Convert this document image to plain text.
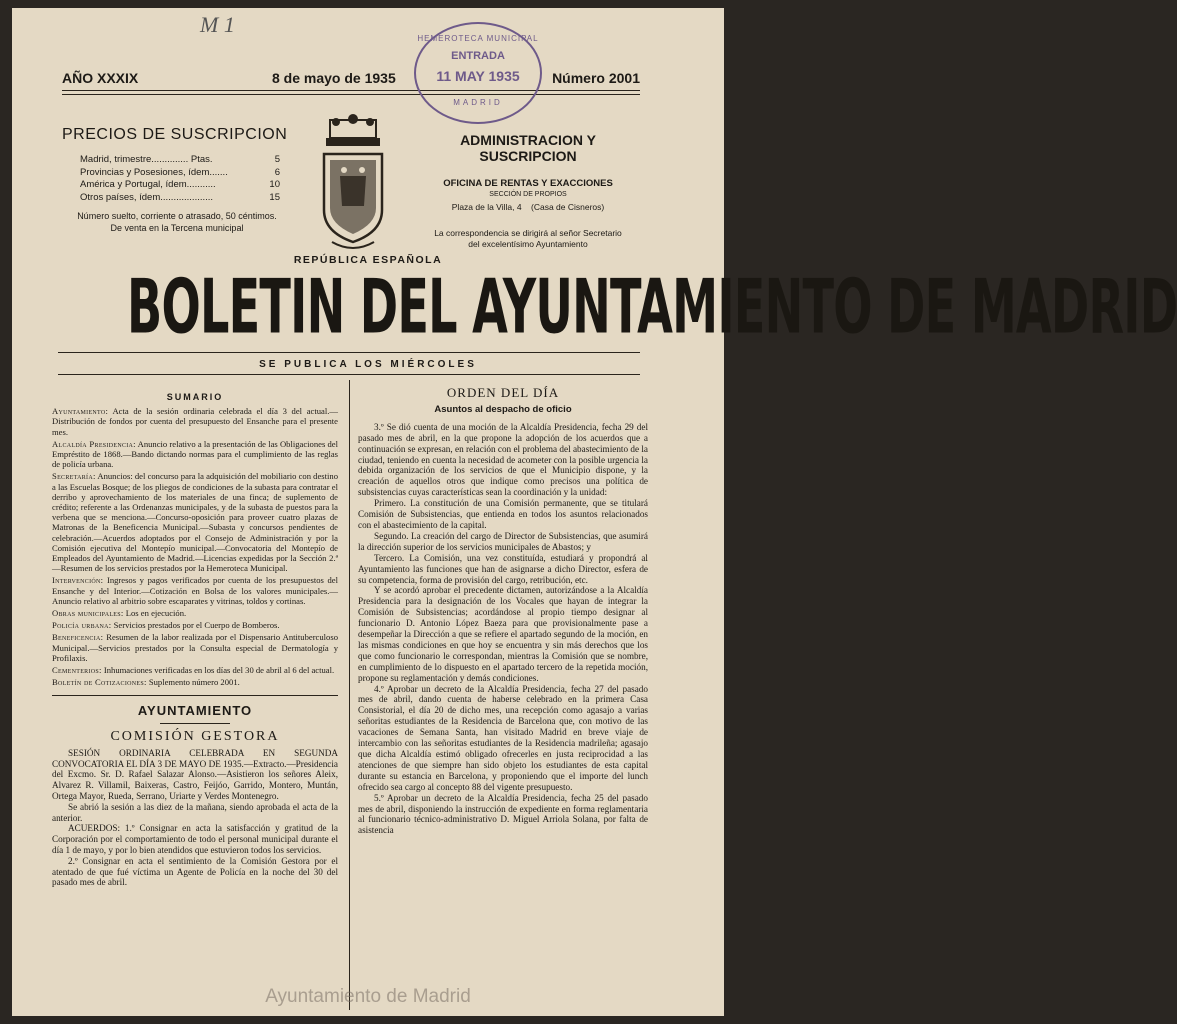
M 1
AÑO XXXIX	8 de mayo de 1935	Número 2001
HEMEROTECA MUNICIPAL
ENTRADA
11 MAY 1935
MADRID
PRECIOS DE SUSCRIPCION
Madrid, trimestre.............. Ptas.	5
Provincias y Posesiones, ídem.......	6
América y Portugal, ídem...........	10
Otros países, ídem....................	15
Número suelto, corriente o atrasado, 50 céntimos.
De venta en la Tercena municipal
ADMINISTRACION Y SUSCRIPCION
OFICINA DE RENTAS Y EXACCIONES
SECCIÓN DE PROPIOS
Plaza de la Villa, 4 (Casa de Cisneros)
La correspondencia se dirigirá al señor Secretario
del excelentísimo Ayuntamiento
REPÚBLICA ESPAÑOLA
BOLETIN DEL AYUNTAMIENTO DE MADRID
SE PUBLICA LOS MIÉRCOLES
SUMARIO

Ayuntamiento: Acta de la sesión ordinaria celebrada el día 3 del actual.—Distribución de fondos por cuenta del presupuesto del Ensanche para el presente mes.

Alcaldía Presidencia: Anuncio relativo a la presentación de las Obligaciones del Empréstito de 1868.—Bando dictando normas para el cumplimiento de las reglas de policía urbana.

Secretaría: Anuncios: del concurso para la adquisición del mobiliario con destino a las Escuelas Bosque; de los pliegos de condiciones de la subasta para contratar el derribo y aprovechamiento de los materiales de una finca; de suplemento de crédito; referente a las Ordenanzas municipales, y de la subasta de puestos para la verbena que se menciona.—Concurso-oposición para proveer cuatro plazas de Matronas de la Beneficencia Municipal.—Subasta y concursos pendientes de celebración.—Acuerdos adoptados por el Consejo de Administración y por la Comisión ejecutiva del Montepío municipal.—Convocatoria del Montepío de Empleados del Ayuntamiento de Madrid.—Licencias expedidas por la Sección 2.ª—Resumen de los servicios prestados por la Hemeroteca Municipal.

Intervención: Ingresos y pagos verificados por cuenta de los presupuestos del Ensanche y del Interior.—Cotización en Bolsa de los valores municipales.—Anuncio relativo al arbitrio sobre escaparates y vitrinas, toldos y cortinas.

Obras municipales: Los en ejecución.

Policía urbana: Servicios prestados por el Cuerpo de Bomberos.

Beneficencia: Resumen de la labor realizada por el Dispensario Antituberculoso Municipal.—Servicios prestados por la Consulta especial de Dermatología y Profilaxis.

Cementerios: Inhumaciones verificadas en los días del 30 de abril al 6 del actual.

Boletín de Cotizaciones: Suplemento número 2001.

AYUNTAMIENTO
COMISIÓN GESTORA

SESIÓN ORDINARIA CELEBRADA EN SEGUNDA CONVOCATORIA EL DÍA 3 DE MAYO DE 1935.—Extracto.—Presidencia del Excmo. Sr. D. Rafael Salazar Alonso.—Asistieron los señores Aleix, Alvarez R. Villamil, Baixeras, Castro, Feijóo, Garrido, Montero, Muntán, Ortega Mayor, Rueda, Serrano, Uriarte y Verdes Montenegro.

Se abrió la sesión a las diez de la mañana, siendo aprobada el acta de la anterior.

ACUERDOS: 1.º Consignar en acta la satisfacción y gratitud de la Corporación por el comportamiento de todo el personal municipal durante el día 1 de mayo, y por lo bien atendidos que estuvieron todos los servicios.

2.º Consignar en acta el sentimiento de la Comisión Gestora por el atentado de que fué víctima un Agente de Policía en la noche del 30 del pasado mes de abril.

ORDEN DEL DÍA
Asuntos al despacho de oficio

3.º Se dió cuenta de una moción de la Alcaldía Presidencia, fecha 29 del pasado mes de abril, en la que propone la adopción de los acuerdos que a continuación se expresan, en relación con el problema del abastecimiento de la ciudad, teniendo en cuenta la necesidad de acometer con la posible urgencia la debida organización de los servicios de que el Municipio dispone, y la creación de aquellos otros que indique como precisos una política de subsistencias cuyas características sean la coordinación y la unidad:

Primero. La constitución de una Comisión permanente, que se titulará Comisión de Subsistencias, que entienda en todos los asuntos relacionados con el abastecimiento de la capital.

Segundo. La creación del cargo de Director de Subsistencias, que asumirá la dirección superior de los servicios municipales de Abastos; y

Tercero. La Comisión, una vez constituída, estudiará y propondrá al Ayuntamiento las funciones que han de asignarse a dicho Director, esfera de su competencia, forma de provisión del cargo, retribución, etc.

Y se acordó aprobar el precedente dictamen, autorizándose a la Alcaldía Presidencia para la designación de los Vocales que hayan de integrar la Comisión de Subsistencias; acordándose al propio tiempo designar al funcionario D. Antonio López Baeza para que provisionalmente pase a desempeñar la Dirección a que se refiere el apartado segundo de la moción, en las mismas condiciones en que hoy se encuentra y sin más derechos que los que como funcionario le correspondan, mientras la Comisión que se nombre, en cumplimiento de lo dispuesto en el apartado tercero de la repetida moción, propone su reglamentación y demás condiciones.

4.º Aprobar un decreto de la Alcaldía Presidencia, fecha 27 del pasado mes de abril, dando cuenta de haberse celebrado en la primera Casa Consistorial, el día 20 de dicho mes, una recepción como agasajo a varias señoritas estudiantes de la Residencia de Barcelona que, con motivo de las vacaciones de Semana Santa, han visitado Madrid en breve viaje de intercambio con las señoritas estudiantes de la Residencia madrileña; agasajo que dicha Alcaldía estimó obligado ofrecerles en justa reciprocidad a las atenciones de que siempre han sido objeto los estudiantes de esta capital durante su estancia en Barcelona, y proponiendo que el importe del lunch ofrecido sea cargo al concepto 88 del vigente presupuesto.

5.º Aprobar un decreto de la Alcaldía Presidencia, fecha 25 del pasado mes de abril, disponiendo la instrucción de expediente en forma reglamentaria al funcionario técnico-administrativo D. Miguel Arriola Solana, por falta de asistencia

Ayuntamiento de Madrid
